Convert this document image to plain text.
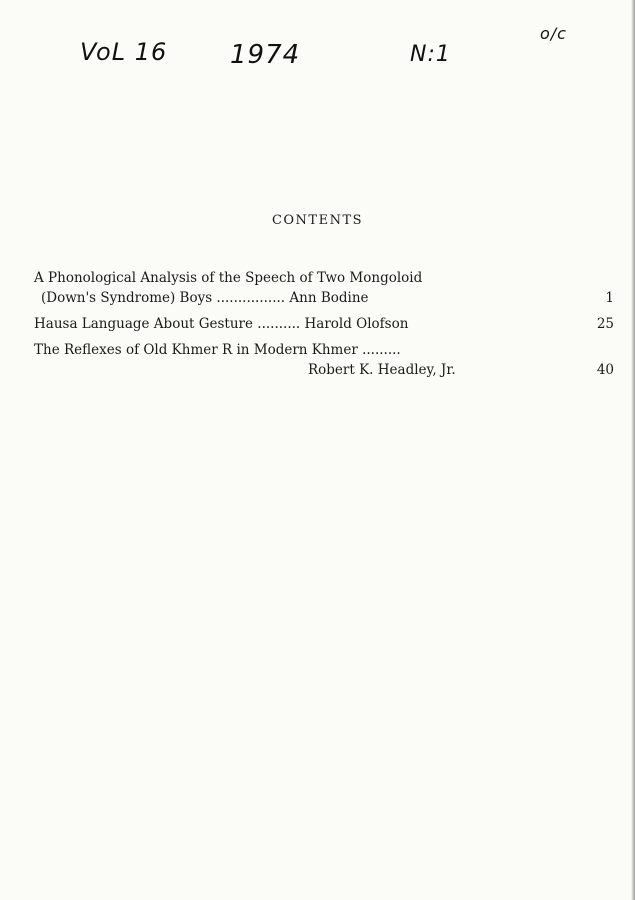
VoL 16 1974	N:1
o/c
CONTENTS
A Phonological Analysis of the Speech of Two Mongoloid
(Down's Syndrome) Boys ................ Ann Bodine	1
Hausa Language About Gesture .......... Harold Olofson	25
The Reflexes of Old Khmer R in Modern Khmer .........
Robert K. Headley, Jr.	40
